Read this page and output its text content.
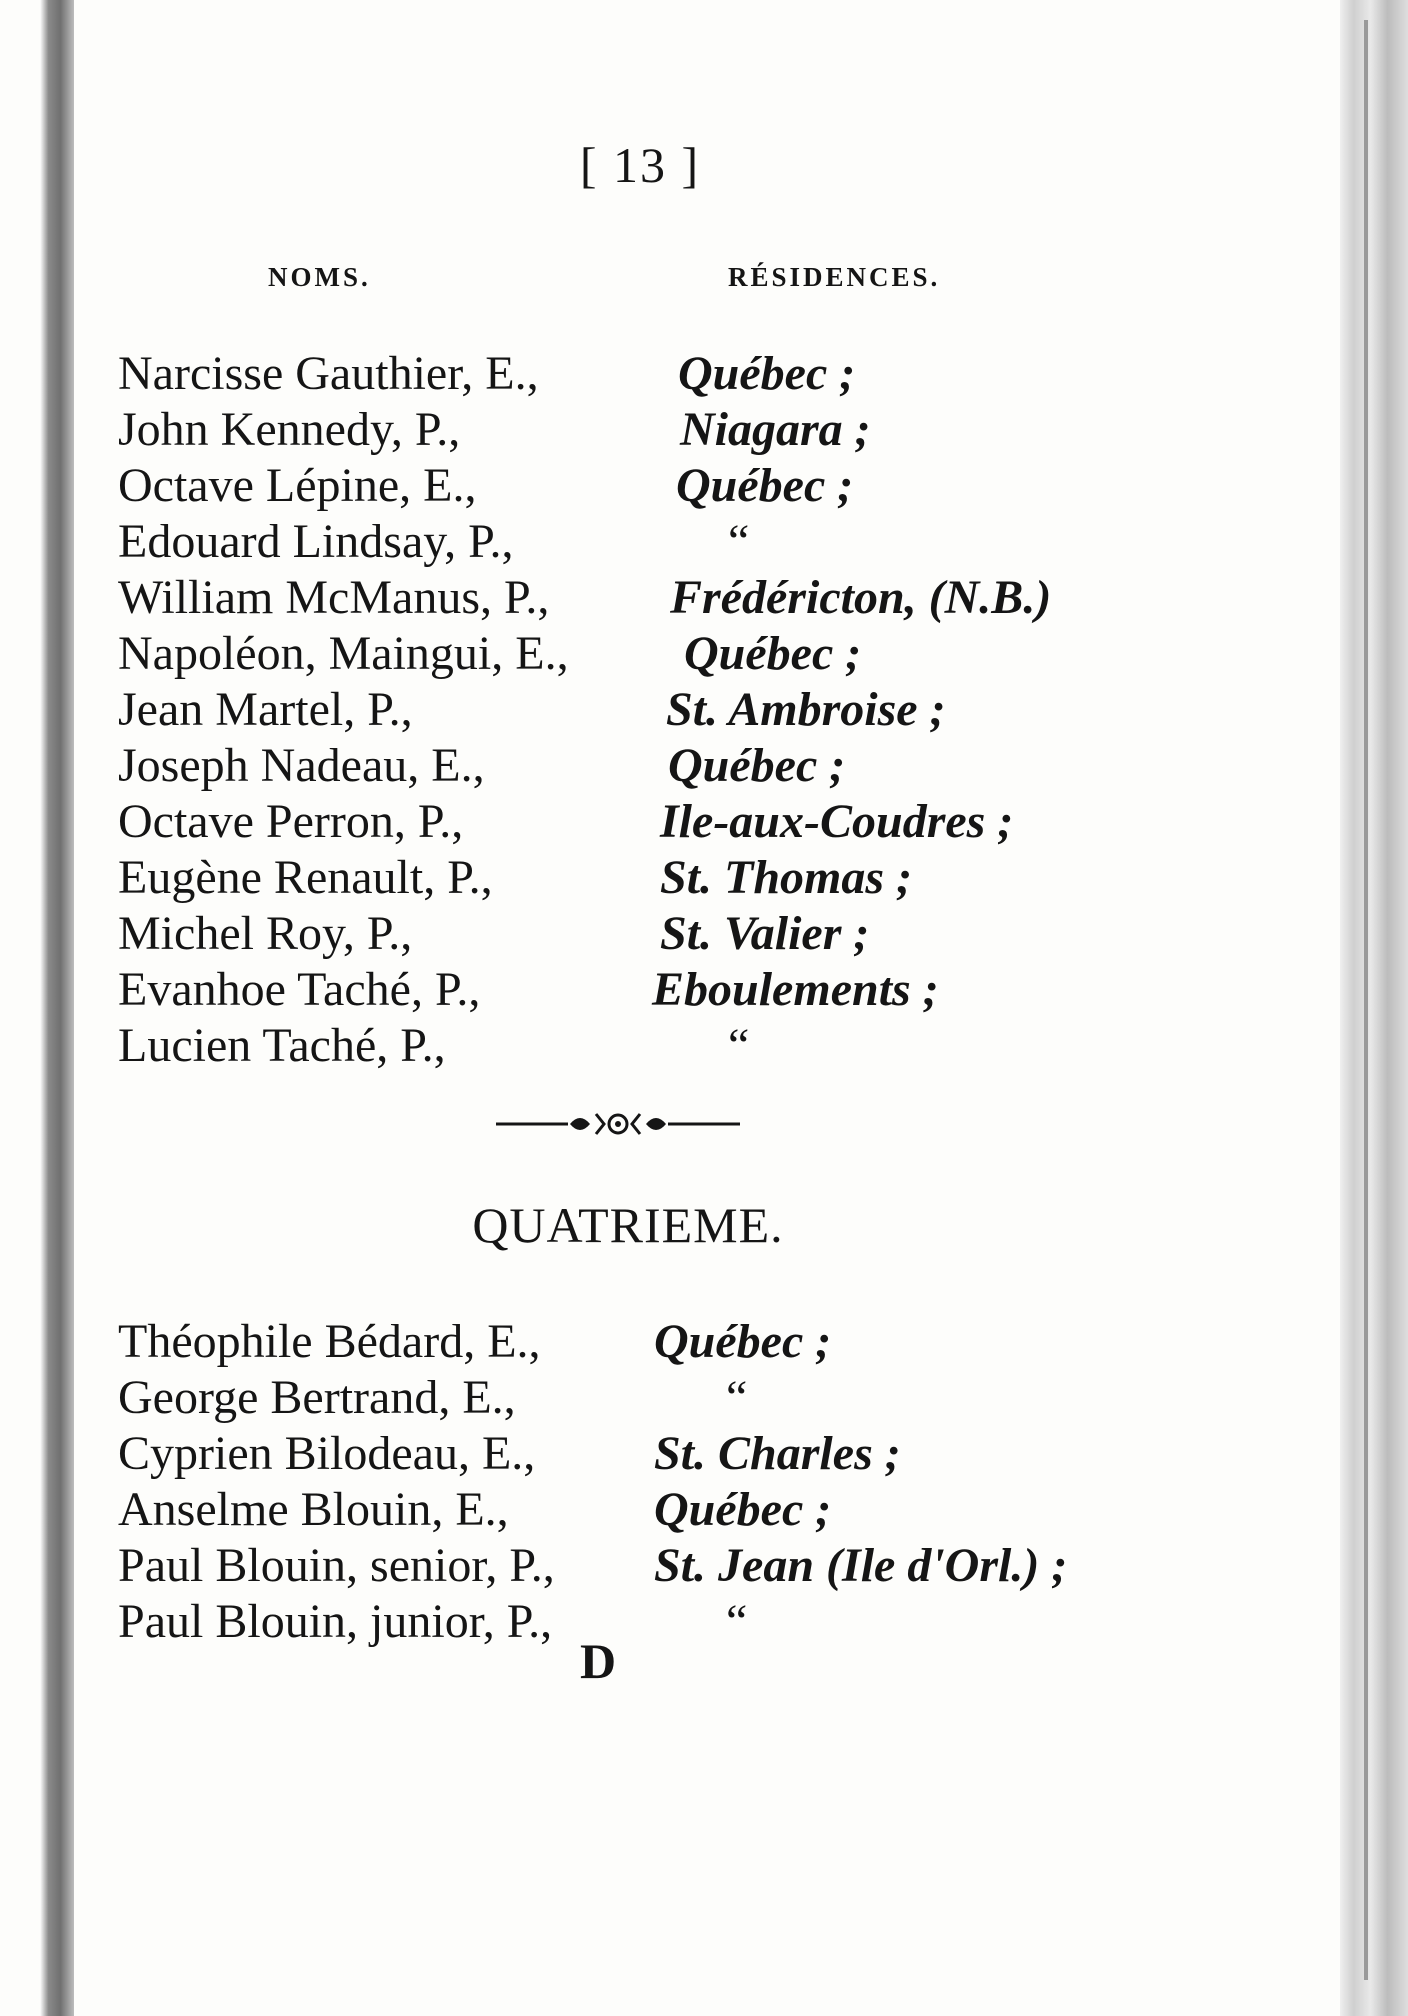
[ 13 ]
NOMS.	RÉSIDENCES.
Narcisse Gauthier, E.,	Québec ;
John Kennedy, P.,	Niagara ;
Octave Lépine, E.,	Québec ;
Edouard Lindsay, P.,	“
William McManus, P.,	Frédéricton, (N.B.)
Napoléon, Maingui, E., Québec ;
Jean Martel, P.,	St. Ambroise ;
Joseph Nadeau, E.,	Québec ;
Octave Perron, P.,	Ile-aux-Coudres ;
Eugène Renault, P.,	St. Thomas ;
Michel Roy, P.,	St. Valier ;
Evanhoe Taché, P.,	Eboulements ;
Lucien Taché, P.,	“
QUATRIEME.
Théophile Bédard, E., Québec ;
George Bertrand, E.,	“
Cyprien Bilodeau, E., St. Charles ;
Anselme Blouin, E.,	Québec ;
Paul Blouin, senior, P., St. Jean (Ile d'Orl.) ;
Paul Blouin, junior, P.,	“
D
